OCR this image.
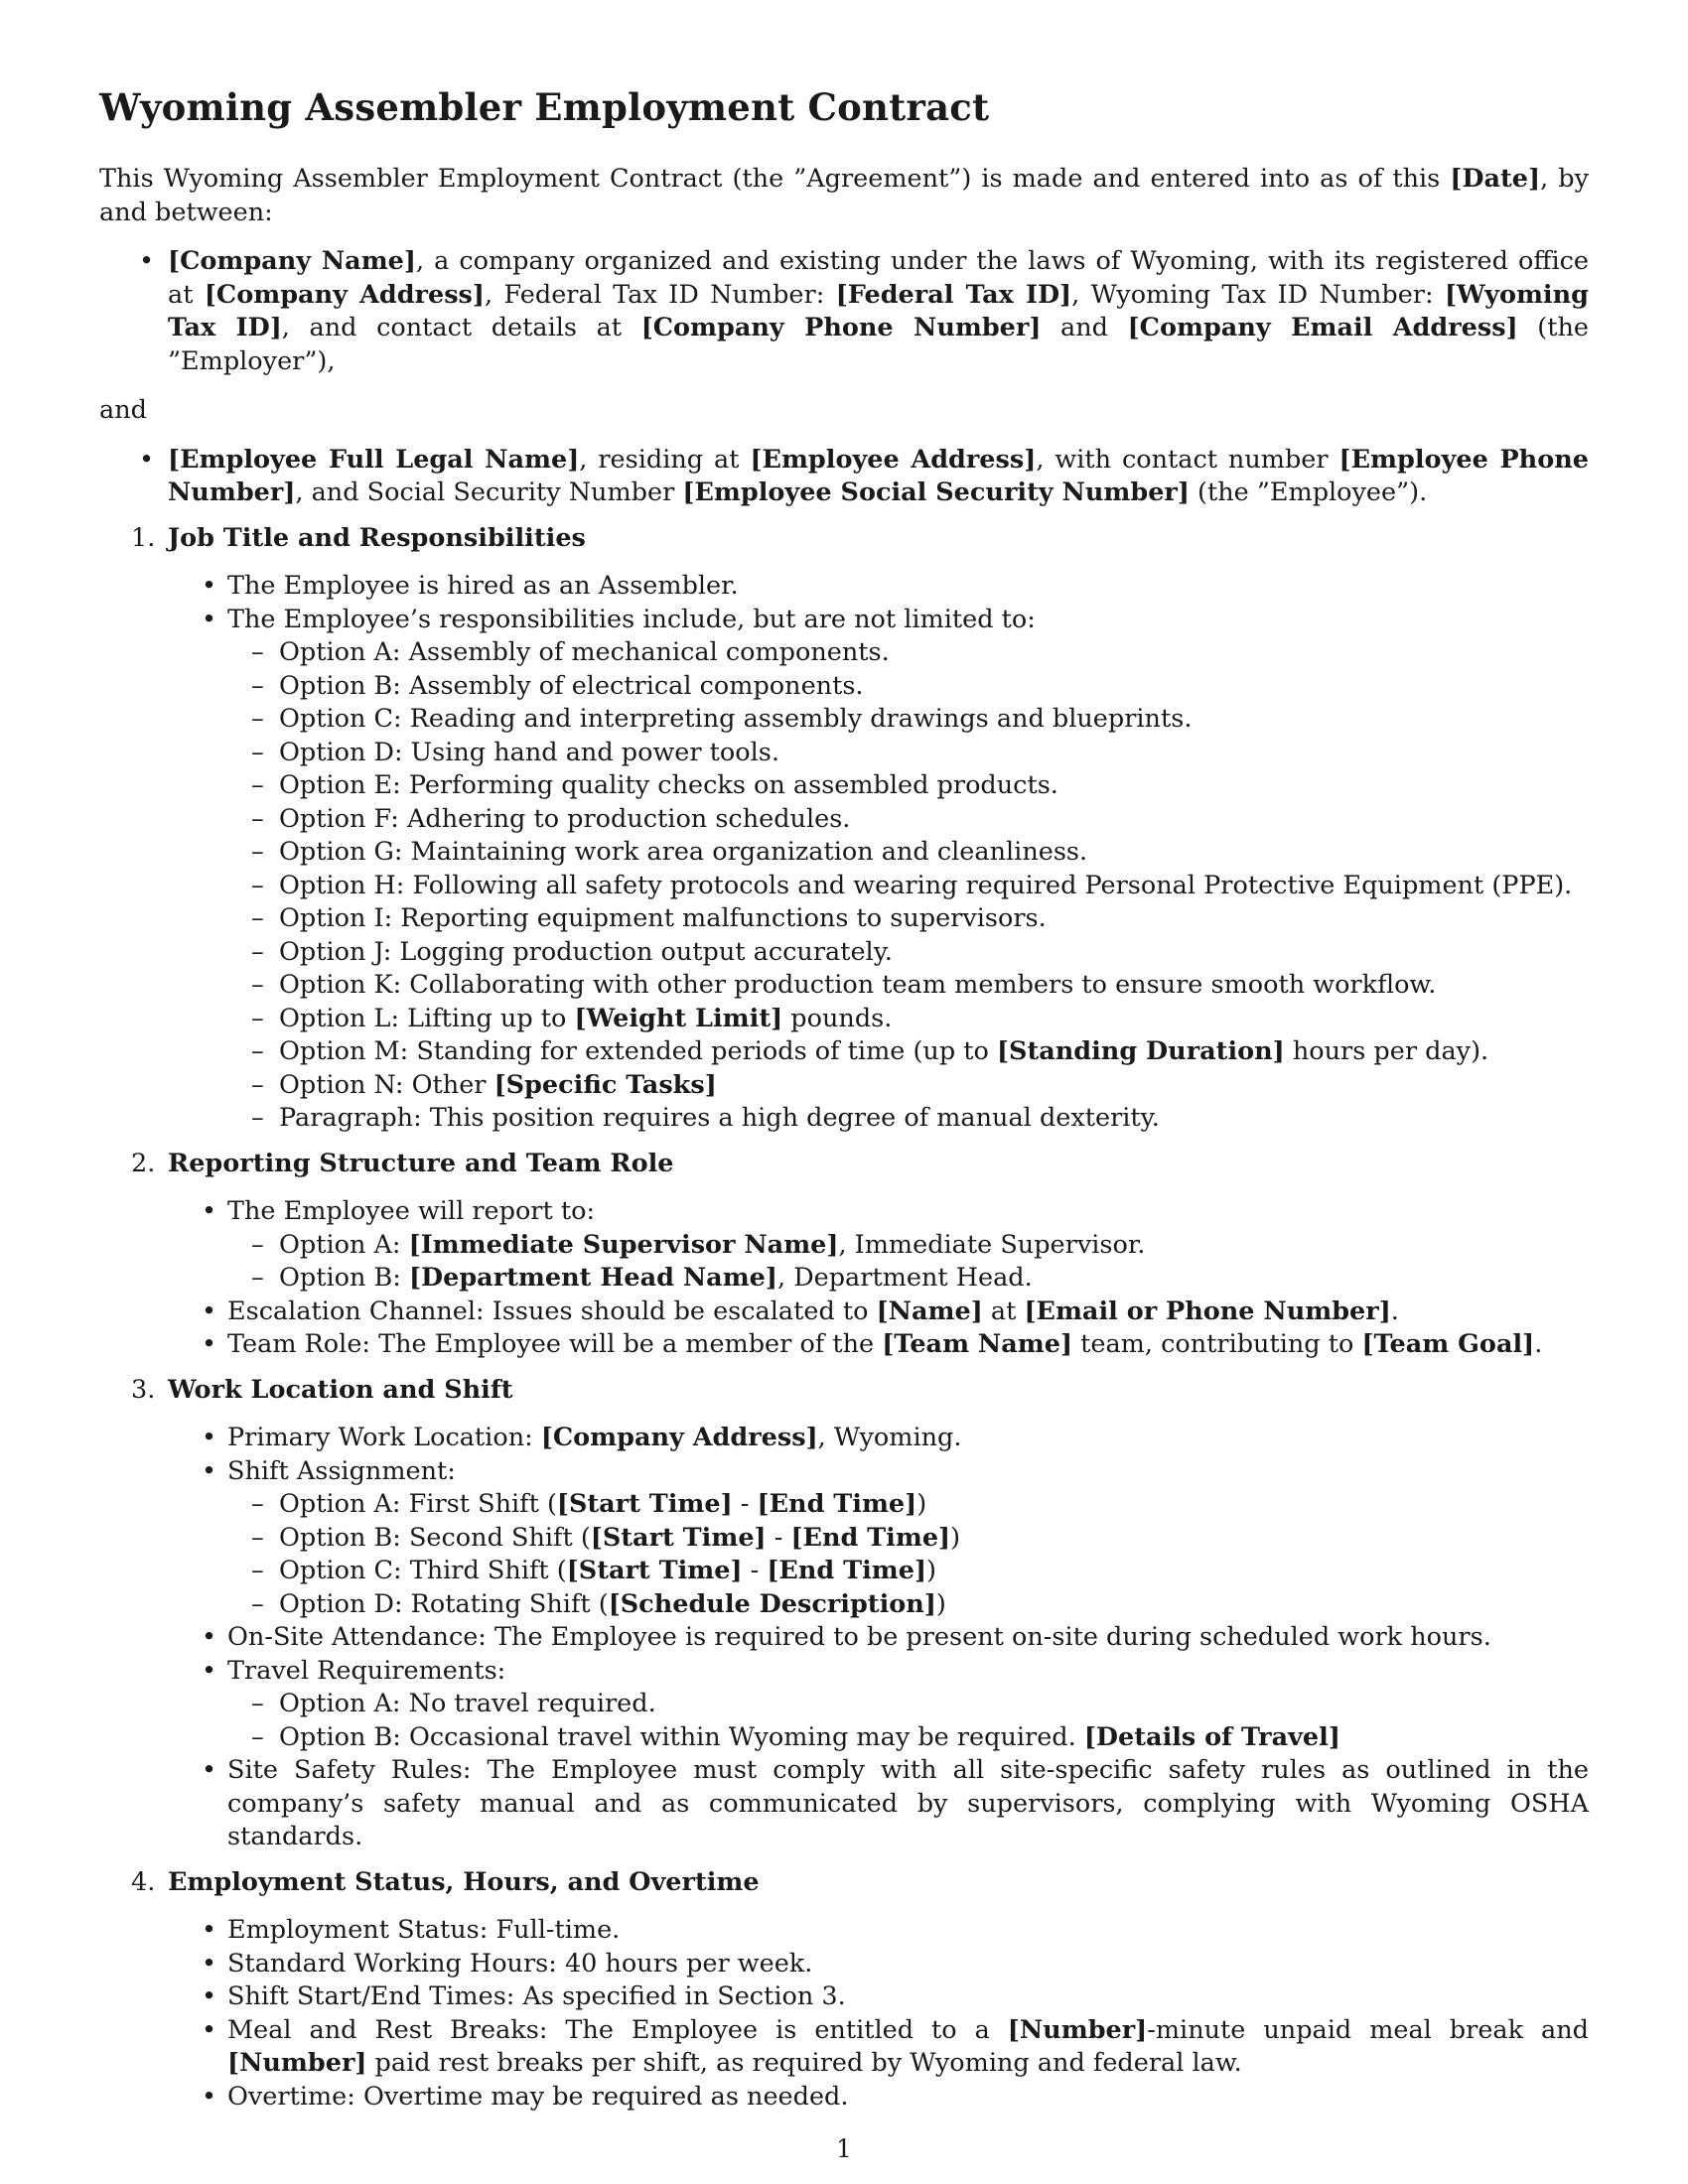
Wyoming Assembler Employment Contract

This Wyoming Assembler Employment Contract (the ”Agreement”) is made and entered into as of this [Date], by and between:

• [Company Name], a company organized and existing under the laws of Wyoming, with its registered office at [Company Address], Federal Tax ID Number: [Federal Tax ID], Wyoming Tax ID Number: [Wyoming Tax ID], and contact details at [Company Phone Number] and [Company Email Address] (the ”Employer”),
and
• [Employee Full Legal Name], residing at [Employee Address], with contact number [Employee Phone Number], and Social Security Number [Employee Social Security Number] (the ”Employee”).
1. Job Title and Responsibilities
• The Employee is hired as an Assembler.
• The Employee’s responsibilities include, but are not limited to:
– Option A: Assembly of mechanical components.
– Option B: Assembly of electrical components.
– Option C: Reading and interpreting assembly drawings and blueprints.
– Option D: Using hand and power tools.
– Option E: Performing quality checks on assembled products.
– Option F: Adhering to production schedules.
– Option G: Maintaining work area organization and cleanliness.
– Option H: Following all safety protocols and wearing required Personal Protective Equipment (PPE).
– Option I: Reporting equipment malfunctions to supervisors.
– Option J: Logging production output accurately.
– Option K: Collaborating with other production team members to ensure smooth workflow.
– Option L: Lifting up to [Weight Limit] pounds.
– Option M: Standing for extended periods of time (up to [Standing Duration] hours per day).
– Option N: Other [Specific Tasks]
– Paragraph: This position requires a high degree of manual dexterity.
2. Reporting Structure and Team Role
• The Employee will report to:
– Option A: [Immediate Supervisor Name], Immediate Supervisor.
– Option B: [Department Head Name], Department Head.
• Escalation Channel: Issues should be escalated to [Name] at [Email or Phone Number].
• Team Role: The Employee will be a member of the [Team Name] team, contributing to [Team Goal].
3. Work Location and Shift
• Primary Work Location: [Company Address], Wyoming.
• Shift Assignment:
– Option A: First Shift ([Start Time] - [End Time])
– Option B: Second Shift ([Start Time] - [End Time])
– Option C: Third Shift ([Start Time] - [End Time])
– Option D: Rotating Shift ([Schedule Description])
• On-Site Attendance: The Employee is required to be present on-site during scheduled work hours.
• Travel Requirements:
– Option A: No travel required.
– Option B: Occasional travel within Wyoming may be required. [Details of Travel]
• Site Safety Rules: The Employee must comply with all site-specific safety rules as outlined in the company’s safety manual and as communicated by supervisors, complying with Wyoming OSHA standards.
4. Employment Status, Hours, and Overtime
• Employment Status: Full-time.
• Standard Working Hours: 40 hours per week.
• Shift Start/End Times: As specified in Section 3.
• Meal and Rest Breaks: The Employee is entitled to a [Number]-minute unpaid meal break and [Number] paid rest breaks per shift, as required by Wyoming and federal law.
• Overtime: Overtime may be required as needed.
1
